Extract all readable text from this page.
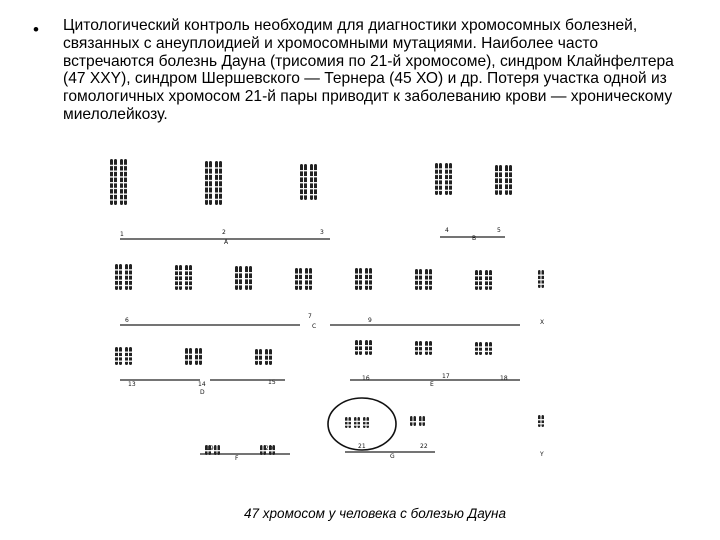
• Цитологический контроль необходим для диагностики хромосомных болезней, связанных с анеуплоидией и хромосомными мутациями. Наиболее часто встречаются болезнь Дауна (трисомия по 21-й хромосоме), синдром Клайнфелтера (47 ХХY), синдром Шершевского — Тернера (45 ХО) и др. Потеря участка одной из гомологичных хромосом 21-й пары приводит к заболеванию крови — хроническому миелолейкозу.
1	2	3
A
4
B
5
6
7
C
9	X
13	14
D
15
16
E
17	18
19	20
F
21	22
G	Y
47 хромосом у человека с болезью Дауна
